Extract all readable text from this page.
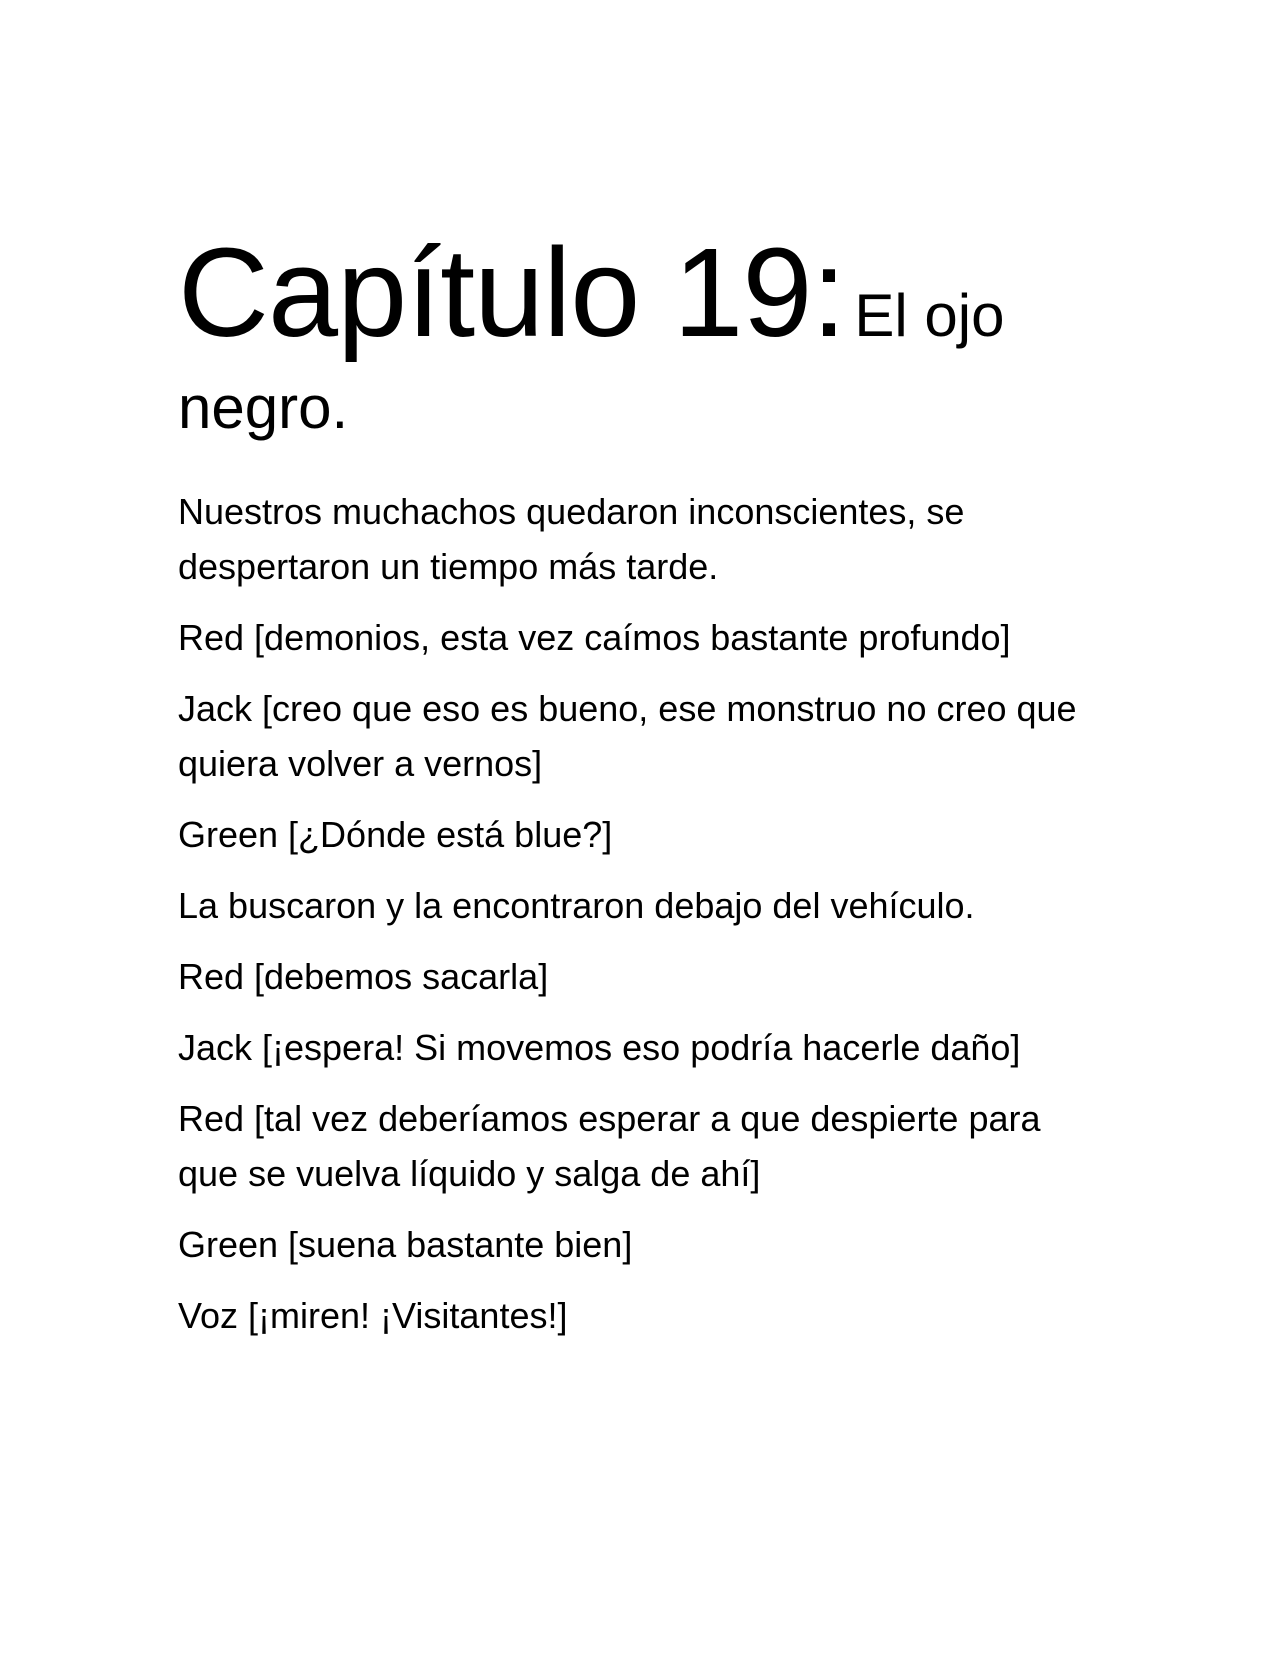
Capítulo 19: El ojo
negro.

Nuestros muchachos quedaron inconscientes, se despertaron un tiempo más tarde.

Red [demonios, esta vez caímos bastante profundo]

Jack [creo que eso es bueno, ese monstruo no creo que quiera volver a vernos]

Green [¿Dónde está blue?]

La buscaron y la encontraron debajo del vehículo.

Red [debemos sacarla]

Jack [¡espera! Si movemos eso podría hacerle daño]

Red [tal vez deberíamos esperar a que despierte para que se vuelva líquido y salga de ahí]

Green [suena bastante bien]

Voz [¡miren! ¡Visitantes!]
